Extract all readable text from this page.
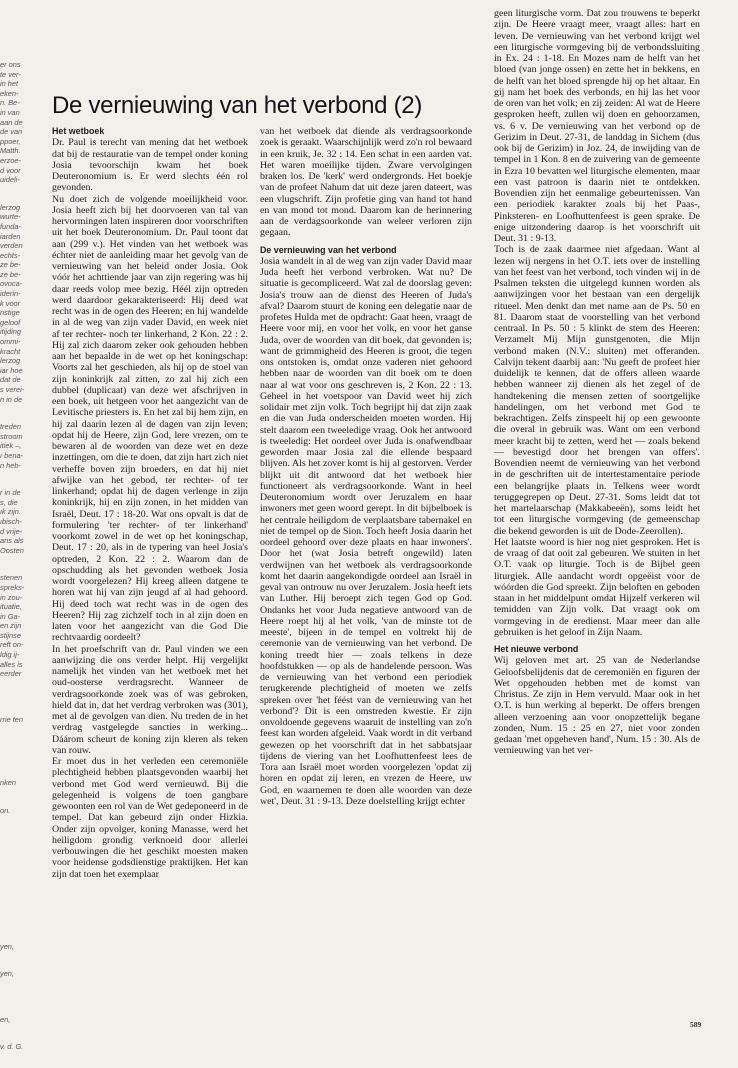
er ons
te ver-
in het
eken-
n. Be-
in van
aan de
de van
ppoer,
Matth.
erzoe-
d voor
uideli-
lerzog
wurte-
funda-
iarden
verden
echts-
ze be-
ze be-
ovoca-
iderin-
k voor
nstige
geloof
itijding
ommi-
kracht
lerzog
iar hoe
dat de
s verei-
n in de
treden
stroom
itiek –,
ı bena-
n heb-
r in de
s, die
ık zijn.
ıbisch-
d vrije-
ans als
Oosten
stenen
spreks-
in zou-
ituatie,
in Ga-
en zijn
stijnse
reft on-
ldig ij-
alles is
eerder
rrie ten
nken
on.
yen,
yen,
en,
v. d. G.
De vernieuwing van het verbond (2)
Het wetboek

Dr. Paul is terecht van mening dat het wetboek dat bij de restauratie van de tempel onder koning Josia tevoorschijn kwam het boek Deuteronomium is. Er werd slechts één rol gevonden.

Nu doet zich de volgende moeilijkheid voor. Josia heeft zich bij het doorvoeren van tal van hervormingen laten inspireren door voorschriften uit het boek Deuteronomium. Dr. Paul toont dat aan (299 v.). Het vinden van het wetboek was échter niet de aanleiding maar het gevolg van de vernieuwing van het beleid onder Josia. Ook vóór het achttiende jaar van zijn regering was hij daar reeds volop mee bezig. Héél zijn optreden werd daardoor gekarakteriseerd: Hij deed wat recht was in de ogen des Heeren; en hij wandelde in al de weg van zijn vader David, en week niet af ter rechter- noch ter linkerhand, 2 Kon. 22 : 2. Hij zal zich daarom zeker ook gehouden hebben aan het bepaalde in de wet op het koningschap: Voorts zal het geschieden, als hij op de stoel van zijn koninkrijk zal zitten, zo zal hij zich een dubbel (duplicaat) van deze wet afschrijven in een boek, uit hetgeen voor het aangezicht van de Levitische priesters is. En het zal bij hem zijn, en hij zal daarin lezen al de dagen van zijn leven; opdat hij de Heere, zijn God, lere vrezen, om te bewaren al de woorden van deze wet en deze inzettingen, om die te doen, dat zijn hart zich niet verheffe boven zijn broeders, en dat hij niet afwijke van het gebod, ter rechter- of ter linkerhand; opdat hij de dagen verlenge in zijn koninkrijk, hij en zijn zonen, in het midden van Israël, Deut. 17 : 18-20. Wat ons opvalt is dat de formulering 'ter rechter- of ter linkerhand' voorkomt zowel in de wet op het koningschap, Deut. 17 : 20, als in de typering van heel Josia's optreden, 2 Kon. 22 : 2. Waarom dan de opschudding als het gevonden wetboek Josia wordt voorgelezen? Hij kreeg alleen datgene te horen wat hij van zijn jeugd af al had gehoord. Hij deed toch wat recht was in de ogen des Heeren? Hij zag zichzelf toch in al zijn doen en laten voor het aangezicht van die God Die rechtvaardig oordeelt?

In het proefschrift van dr. Paul vinden we een aanwijzing die ons verder helpt. Hij vergelijkt namelijk het vinden van het wetboek met het oud-oosterse verdragsrecht. Wanneer de verdragsoorkonde zoek was of was gebroken, hield dat in, dat het verdrag verbroken was (301), met al de gevolgen van dien. Nu treden de in het verdrag vastgelegde sancties in werking... Dáárom scheurt de koning zijn kleren als teken van rouw.

Er moet dus in het verleden een ceremoniële plechtigheid hebben plaatsgevonden waarbij het verbond met God werd vernieuwd. Bij die gelegenheid is volgens de toen gangbare gewoonten een rol van de Wet gedeponeerd in de tempel. Dat kan gebeurd zijn onder Hizkia. Onder zijn opvolger, koning Manasse, werd het heiligdom grondig verknoeid door allerlei verbouwingen die het geschikt moesten maken voor heidense godsdienstige praktijken. Het kan zijn dat toen het exemplaar

van het wetboek dat diende als verdragsoorkonde zoek is geraakt. Waarschijnlijk werd zo'n rol bewaard in een kruik, Je. 32 : 14. Een schat in een aarden vat. Het waren moeilijke tijden. Zware vervolgingen braken los. De 'kerk' werd ondergronds. Het boekje van de profeet Nahum dat uit deze jaren dateert, was een vlugschrift. Zijn profetie ging van hand tot hand en van mond tot mond. Daarom kan de herinnering aan de verdagsoorkonde van weleer verloren zijn gegaan.

De vernieuwing van het verbond

Josia wandelt in al de weg van zijn vader David maar Juda heeft het verbond verbroken. Wat nu? De situatie is gecompliceerd. Wat zal de doorslag geven: Josia's trouw aan de dienst des Heeren of Juda's afval? Daarom stuurt de koning een delegatie naar de profetes Hulda met de opdracht: Gaat heen, vraagt de Heere voor mij, en voor het volk, en voor het ganse Juda, over de woorden van dit boek, dat gevonden is; want de grimmigheid des Heeren is groot, die tegen ons ontstoken is, omdat onze vaderen niet gehoord hebben naar de woorden van dit boek om te doen naar al wat voor ons geschreven is, 2 Kon. 22 : 13. Geheel in het voetspoor van David weet hij zich solidair met zijn volk. Toch begrijpt hij dat zijn zaak en die van Juda onderscheiden moeten worden. Hij stelt daarom een tweeledige vraag. Ook het antwoord is tweeledig: Het oordeel over Juda is onafwendbaar geworden maar Josia zal die ellende bespaard blijven. Als het zover komt is hij al gestorven. Verder blijkt uit dit antwoord dat het wetboek hier functioneert als verdragsoorkonde. Want in heel Deuteronomium wordt over Jeruzalem en haar inwoners met geen woord gerept. In dit bijbelboek is het centrale heiligdom de verplaatsbare tabernakel en niet de tempel op de Sion. Toch heeft Josia daarin het oordeel gehoord over deze plaats en haar inwoners'. Door het (wat Josia betreft ongewild) laten verdwijnen van het wetboek als verdragsoorkonde komt het daarin aangekondigde oordeel aan Israël in geval van ontrouw nu over Jeruzalem. Josia heeft iets van Luther. Hij beroept zich tegen God op God. Ondanks het voor Juda negatieve antwoord van de Heere roept hij al het volk, 'van de minste tot de meeste', bijeen in de tempel en voltrekt hij de ceremonie van de vernieuwing van het verbond. De koning treedt hier — zoals telkens in deze hoofdstukken — op als de handelende persoon. Was de vernieuwing van het verbond een periodiek terugkerende plechtigheid of moeten we zelfs spreken over 'het féést van de vernieuwing van het verbond'? Dit is een omstreden kwestie. Er zijn onvoldoende gegevens waaruit de instelling van zo'n feest kan worden afgeleid. Vaak wordt in dit verband gewezen op het voorschrift dat in het sabbatsjaar tijdens de viering van het Loofhuttenfeest lees de Tora aan Israël moet worden voorgelezen 'opdat zij horen en opdat zij leren, en vrezen de Heere, uw God, en waarnemen te doen alle woorden van deze wet', Deut. 31 : 9-13. Deze doelstelling krijgt echter

geen liturgische vorm. Dat zou trouwens te beperkt zijn. De Heere vraagt meer, vraagt alles: hart en leven. De vernieuwing van het verbond krijgt wel een liturgische vormgeving bij de verbondssluiting in Ex. 24 : 1-18. En Mozes nam de helft van het bloed (van jonge ossen) en zette het in bekkens, en de helft van het bloed sprengde hij op het altaar. En gij nam het boek des verbonds, en hij las het voor de oren van het volk; en zij zeiden: Al wat de Heere gesproken heeft, zullen wij doen en gehoorzamen, vs. 6 v. De vernieuwing van het verbond op de Gerizim in Deut. 27-31, de landdag in Sichem (dus ook bij de Gerizim) in Joz. 24, de inwijding van de tempel in 1 Kon. 8 en de zuivering van de gemeente in Ezra 10 bevatten wel liturgische elementen, maar een vast patroon is daarin niet te ontdekken. Bovendien zijn het eenmalige gebeurtenissen. Van een periodiek karakter zoals bij het Paas-, Pinksteren- en Loofhuttenfeest is geen sprake. De enige uitzondering daarop is het voorschrift uit Deut. 31 : 9-13.

Toch is de zaak daarmee niet afgedaan. Want al lezen wij nergens in het O.T. iets over de instelling van het feest van het verbond, toch vinden wij in de Psalmen teksten die uitgelegd kunnen worden als aanwijzingen voor het bestaan van een dergelijk ritueel. Men denkt dan met name aan de Ps. 50 en 81. Daarom staat de voorstelling van het verbond centraal. In Ps. 50 : 5 klinkt de stem des Heeren: Verzamelt Mij Mijn gunstgenoten, die Mijn verbond maken (N.V.: sluiten) met offeranden. Calvijn tekent daarbij aan: 'Nu geeft de profeet hier duidelijk te kennen, dat de offers alleen waarde hebben wanneer zij dienen als het zegel of de handtekening die mensen zetten of soortgelijke handelingen, om het verbond met God te bekrachtigen. Zelfs zinspeelt hij op een gewoonte die overal in gebruik was. Want om een verbond meer kracht bij te zetten, werd het — zoals bekend — bevestigd door het brengen van offers'. Bovendien neemt de vernieuwing van het verbond in de geschriften uit de intertestamentaire periode een belangrijke plaats in. Telkens weer wordt teruggegrepen op Deut. 27-31. Soms leidt dat tot het martelaarschap (Makkabeeën), soms leidt het tot een liturgische vormgeving (de gemeenschap die bekend geworden is uit de Dode-Zeerollen).

Het laatste woord is hier nog niet gesproken. Het is de vraag of dat ooit zal gebeuren. We stuiten in het O.T. vaak op liturgie. Toch is de Bijbel geen liturgiek. Alle aandacht wordt opgeëist voor de wóórden die God spreekt. Zijn beloften en geboden staan in het middelpunt omdat Hijzelf verkeren wil temidden van Zijn volk. Dat vraagt ook om vormgeving in de eredienst. Maar meer dan alle gebruiken is het geloof in Zijn Naam.

Het nieuwe verbond

Wij geloven met art. 25 van de Nederlandse Geloofsbelijdenis dat de ceremoniën en figuren der Wet opgehouden hebben met de komst van Christus. Ze zijn in Hem vervuld. Maar ook in het O.T. is hun werking al beperkt. De offers brengen alleen verzoening aan voor onopzettelijk begane zonden, Num. 15 : 25 en 27, niet voor zonden gedaan 'met opgeheven hand', Num. 15 : 30. Als de vernieuwing van het ver-

589
